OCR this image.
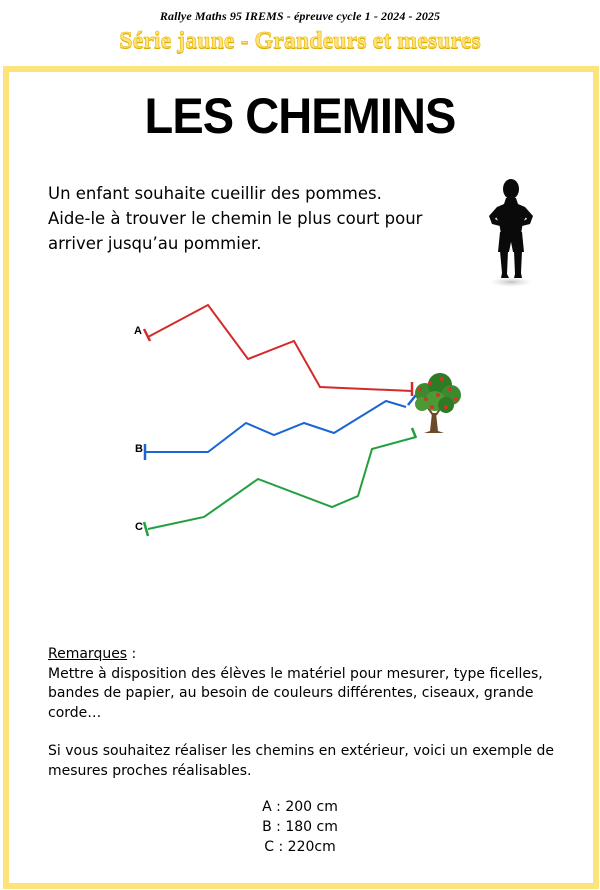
Rallye Maths 95 IREMS - épreuve cycle 1 - 2024 - 2025
Série jaune - Grandeurs et mesures
LES CHEMINS
Un enfant souhaite cueillir des pommes.
Aide-le à trouver le chemin le plus court pour
arriver jusqu’au pommier.
A
B
C

Remarques :

Mettre à disposition des élèves le matériel pour mesurer, type ficelles, bandes de papier, au besoin de couleurs différentes, ciseaux, grande corde…

Si vous souhaitez réaliser les chemins en extérieur, voici un exemple de mesures proches réalisables.

A : 200 cm
B : 180 cm
C : 220cm
